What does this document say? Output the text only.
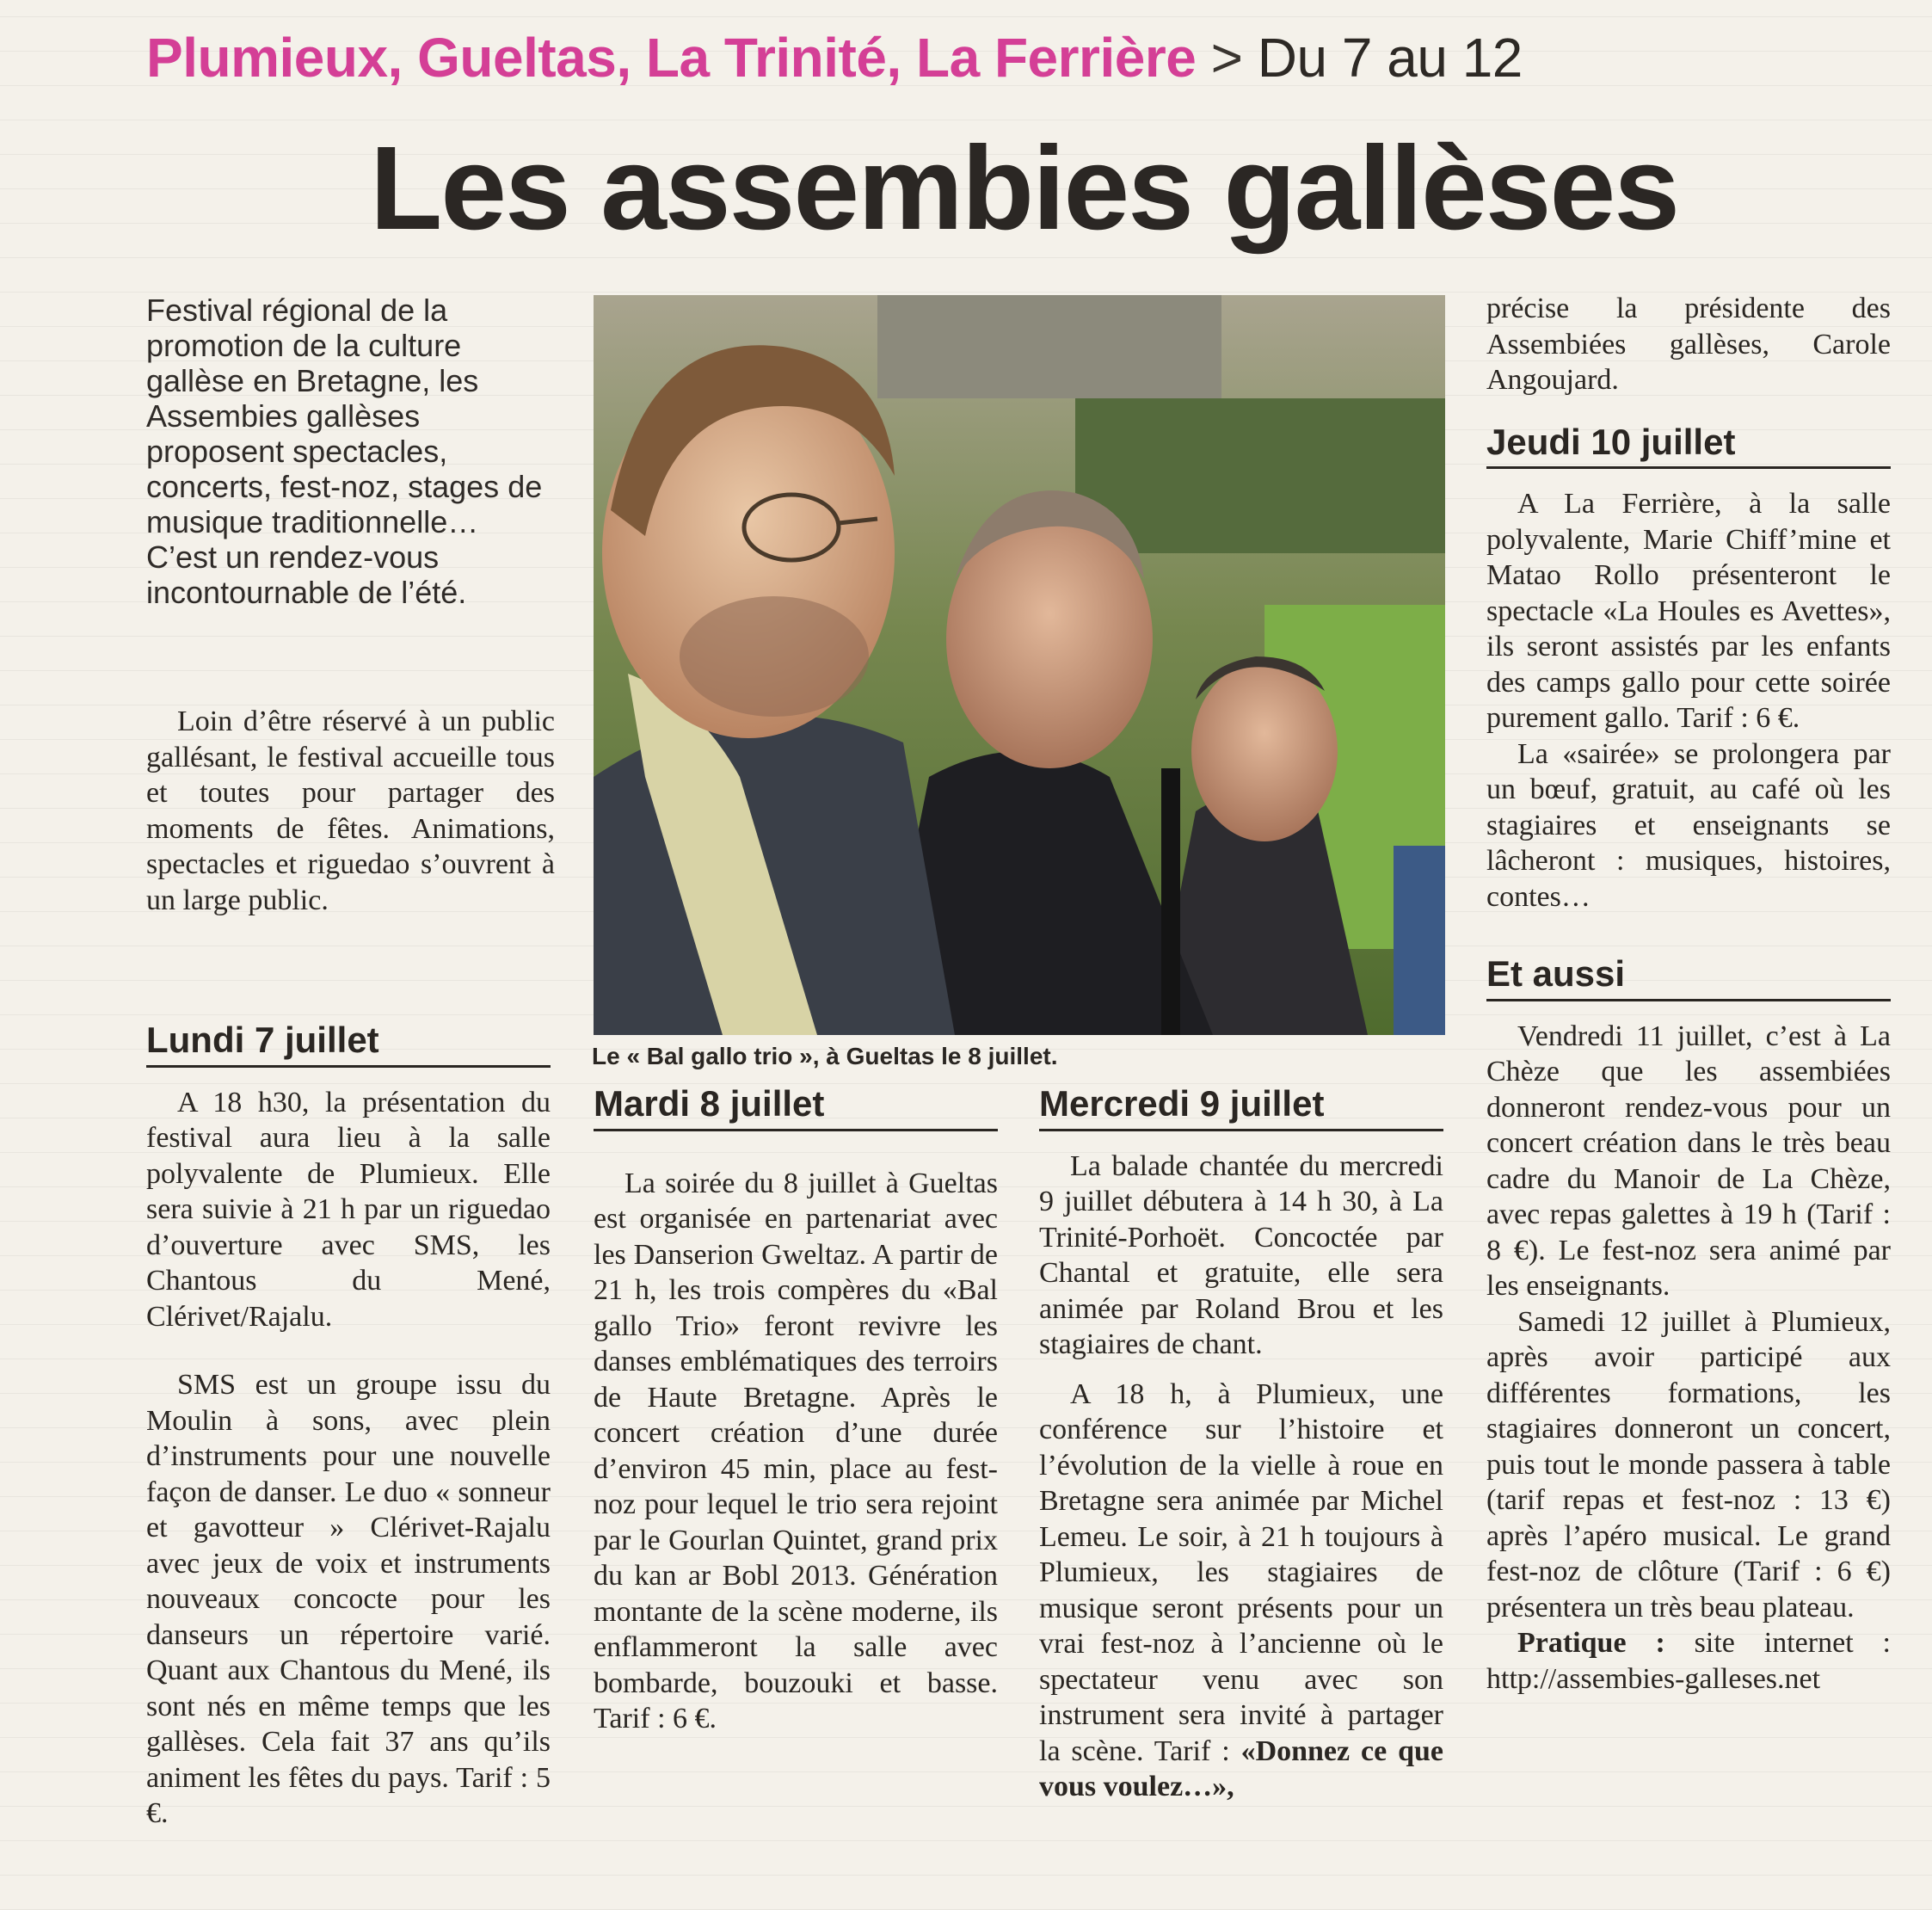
Plumieux, Gueltas, La Trinité, La Ferrière > Du 7 au 12
Les assembies gallèses
Festival régional de la promotion de la culture gallèse en Bretagne, les Assembies gallèses proposent spectacles, concerts, fest-noz, stages de musique traditionnelle… C’est un rendez-vous incontournable de l’été.

Loin d’être réservé à un public gallésant, le festival accueille tous et toutes pour partager des moments de fêtes. Animations, spectacles et riguedao s’ouvrent à un large public.

Le « Bal gallo trio », à Gueltas le 8 juillet.
Lundi 7 juillet

A 18 h30, la présentation du festival aura lieu à la salle polyvalente de Plumieux. Elle sera suivie à 21 h par un riguedao d’ouverture avec SMS, les Chantous du Mené, Clérivet/Rajalu.

SMS est un groupe issu du Moulin à sons, avec plein d’instruments pour une nouvelle façon de danser. Le duo « sonneur et gavotteur » Clérivet-Rajalu avec jeux de voix et instruments nouveaux concocte pour les danseurs un répertoire varié. Quant aux Chantous du Mené, ils sont nés en même temps que les gallèses. Cela fait 37 ans qu’ils animent les fêtes du pays. Tarif : 5 €.

Mardi 8 juillet

La soirée du 8 juillet à Gueltas est organisée en partenariat avec les Danserion Gweltaz. A partir de 21 h, les trois compères du «Bal gallo Trio» feront revivre les danses emblématiques des terroirs de Haute Bretagne. Après le concert création d’une durée d’environ 45 min, place au fest-noz pour lequel le trio sera rejoint par le Gourlan Quintet, grand prix du kan ar Bobl 2013. Génération montante de la scène moderne, ils enflammeront la salle avec bombarde, bouzouki et basse. Tarif : 6 €.

Mercredi 9 juillet

La balade chantée du mercredi 9 juillet débutera à 14 h 30, à La Trinité-Porhoët. Concoctée par Chantal et gratuite, elle sera animée par Roland Brou et les stagiaires de chant.

A 18 h, à Plumieux, une conférence sur l’histoire et l’évolution de la vielle à roue en Bretagne sera animée par Michel Lemeu. Le soir, à 21 h toujours à Plumieux, les stagiaires de musique seront présents pour un vrai fest-noz à l’ancienne où le spectateur venu avec son instrument sera invité à partager la scène. Tarif : «Donnez ce que vous voulez…»,

précise la présidente des Assembiées gallèses, Carole Angoujard.

Jeudi 10 juillet

A La Ferrière, à la salle polyvalente, Marie Chiff’mine et Matao Rollo présenteront le spectacle «La Houles es Avettes», ils seront assistés par les enfants des camps gallo pour cette soirée purement gallo. Tarif : 6 €.

La «sairée» se prolongera par un bœuf, gratuit, au café où les stagiaires et enseignants se lâcheront : musiques, histoires, contes…

Et aussi

Vendredi 11 juillet, c’est à La Chèze que les assembiées donneront rendez-vous pour un concert création dans le très beau cadre du Manoir de La Chèze, avec repas galettes à 19 h (Tarif : 8 €). Le fest-noz sera animé par les enseignants.

Samedi 12 juillet à Plumieux, après avoir participé aux différentes formations, les stagiaires donneront un concert, puis tout le monde passera à table (tarif repas et fest-noz : 13 €) après l’apéro musical. Le grand fest-noz de clôture (Tarif : 6 €) présentera un très beau plateau.

Pratique : site internet : http://assembies-galleses.net
